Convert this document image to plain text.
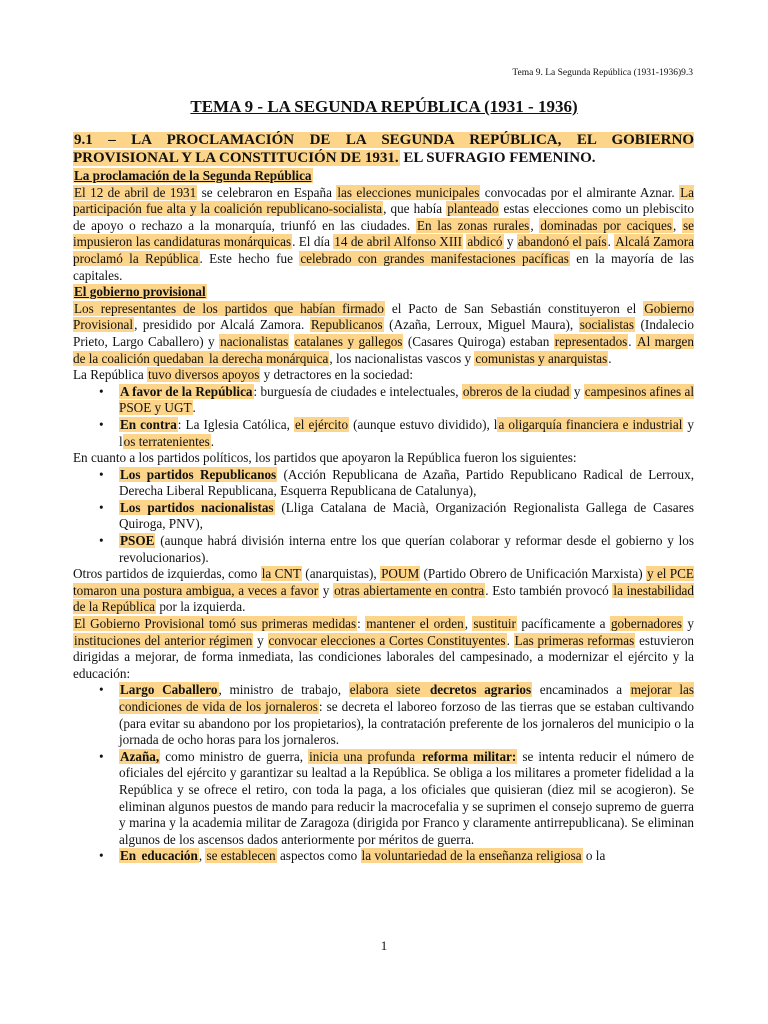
Tema 9. La Segunda República (1931-1936)9.3
TEMA 9 - LA SEGUNDA REPÚBLICA (1931 - 1936)

9.1 – LA PROCLAMACIÓN DE LA SEGUNDA REPÚBLICA, EL GOBIERNO PROVISIONAL Y LA CONSTITUCIÓN DE 1931. EL SUFRAGIO FEMENINO.

La proclamación de la Segunda República

El 12 de abril de 1931 se celebraron en España las elecciones municipales convocadas por el almirante Aznar. La participación fue alta y la coalición republicano-socialista, que había planteado estas elecciones como un plebiscito de apoyo o rechazo a la monarquía, triunfó en las ciudades. En las zonas rurales, dominadas por caciques, se impusieron las candidaturas monárquicas. El día 14 de abril Alfonso XIII abdicó y abandonó el país. Alcalá Zamora proclamó la República. Este hecho fue celebrado con grandes manifestaciones pacíficas en la mayoría de las capitales.

El gobierno provisional

Los representantes de los partidos que habían firmado el Pacto de San Sebastián constituyeron el Gobierno Provisional, presidido por Alcalá Zamora. Republicanos (Azaña, Lerroux, Miguel Maura), socialistas (Indalecio Prieto, Largo Caballero) y nacionalistas catalanes y gallegos (Casares Quiroga) estaban representados. Al margen de la coalición quedaban la derecha monárquica, los nacionalistas vascos y comunistas y anarquistas.

La República tuvo diversos apoyos y detractores en la sociedad:

• A favor de la República: burguesía de ciudades e intelectuales, obreros de la ciudad y campesinos afines al PSOE y UGT.
• En contra: La Iglesia Católica, el ejército (aunque estuvo dividido), la oligarquía financiera e industrial y los terratenientes.

En cuanto a los partidos políticos, los partidos que apoyaron la República fueron los siguientes:

• Los partidos Republicanos (Acción Republicana de Azaña, Partido Republicano Radical de Lerroux, Derecha Liberal Republicana, Esquerra Republicana de Catalunya),
• Los partidos nacionalistas (Lliga Catalana de Macià, Organización Regionalista Gallega de Casares Quiroga, PNV),
• PSOE (aunque habrá división interna entre los que querían colaborar y reformar desde el gobierno y los revolucionarios).

Otros partidos de izquierdas, como la CNT (anarquistas), POUM (Partido Obrero de Unificación Marxista) y el PCE tomaron una postura ambigua, a veces a favor y otras abiertamente en contra. Esto también provocó la inestabilidad de la República por la izquierda.

El Gobierno Provisional tomó sus primeras medidas: mantener el orden, sustituir pacíficamente a gobernadores y instituciones del anterior régimen y convocar elecciones a Cortes Constituyentes. Las primeras reformas estuvieron dirigidas a mejorar, de forma inmediata, las condiciones laborales del campesinado, a modernizar el ejército y la educación:

• Largo Caballero, ministro de trabajo, elabora siete decretos agrarios encaminados a mejorar las condiciones de vida de los jornaleros: se decreta el laboreo forzoso de las tierras que se estaban cultivando (para evitar su abandono por los propietarios), la contratación preferente de los jornaleros del municipio o la jornada de ocho horas para los jornaleros.
• Azaña, como ministro de guerra, inicia una profunda reforma militar: se intenta reducir el número de oficiales del ejército y garantizar su lealtad a la República. Se obliga a los militares a prometer fidelidad a la República y se ofrece el retiro, con toda la paga, a los oficiales que quisieran (diez mil se acogieron). Se eliminan algunos puestos de mando para reducir la macrocefalia y se suprimen el consejo supremo de guerra y marina y la academia militar de Zaragoza (dirigida por Franco y claramente antirrepublicana). Se eliminan algunos de los ascensos dados anteriormente por méritos de guerra.
• En educación, se establecen aspectos como la voluntariedad de la enseñanza religiosa o la
1
